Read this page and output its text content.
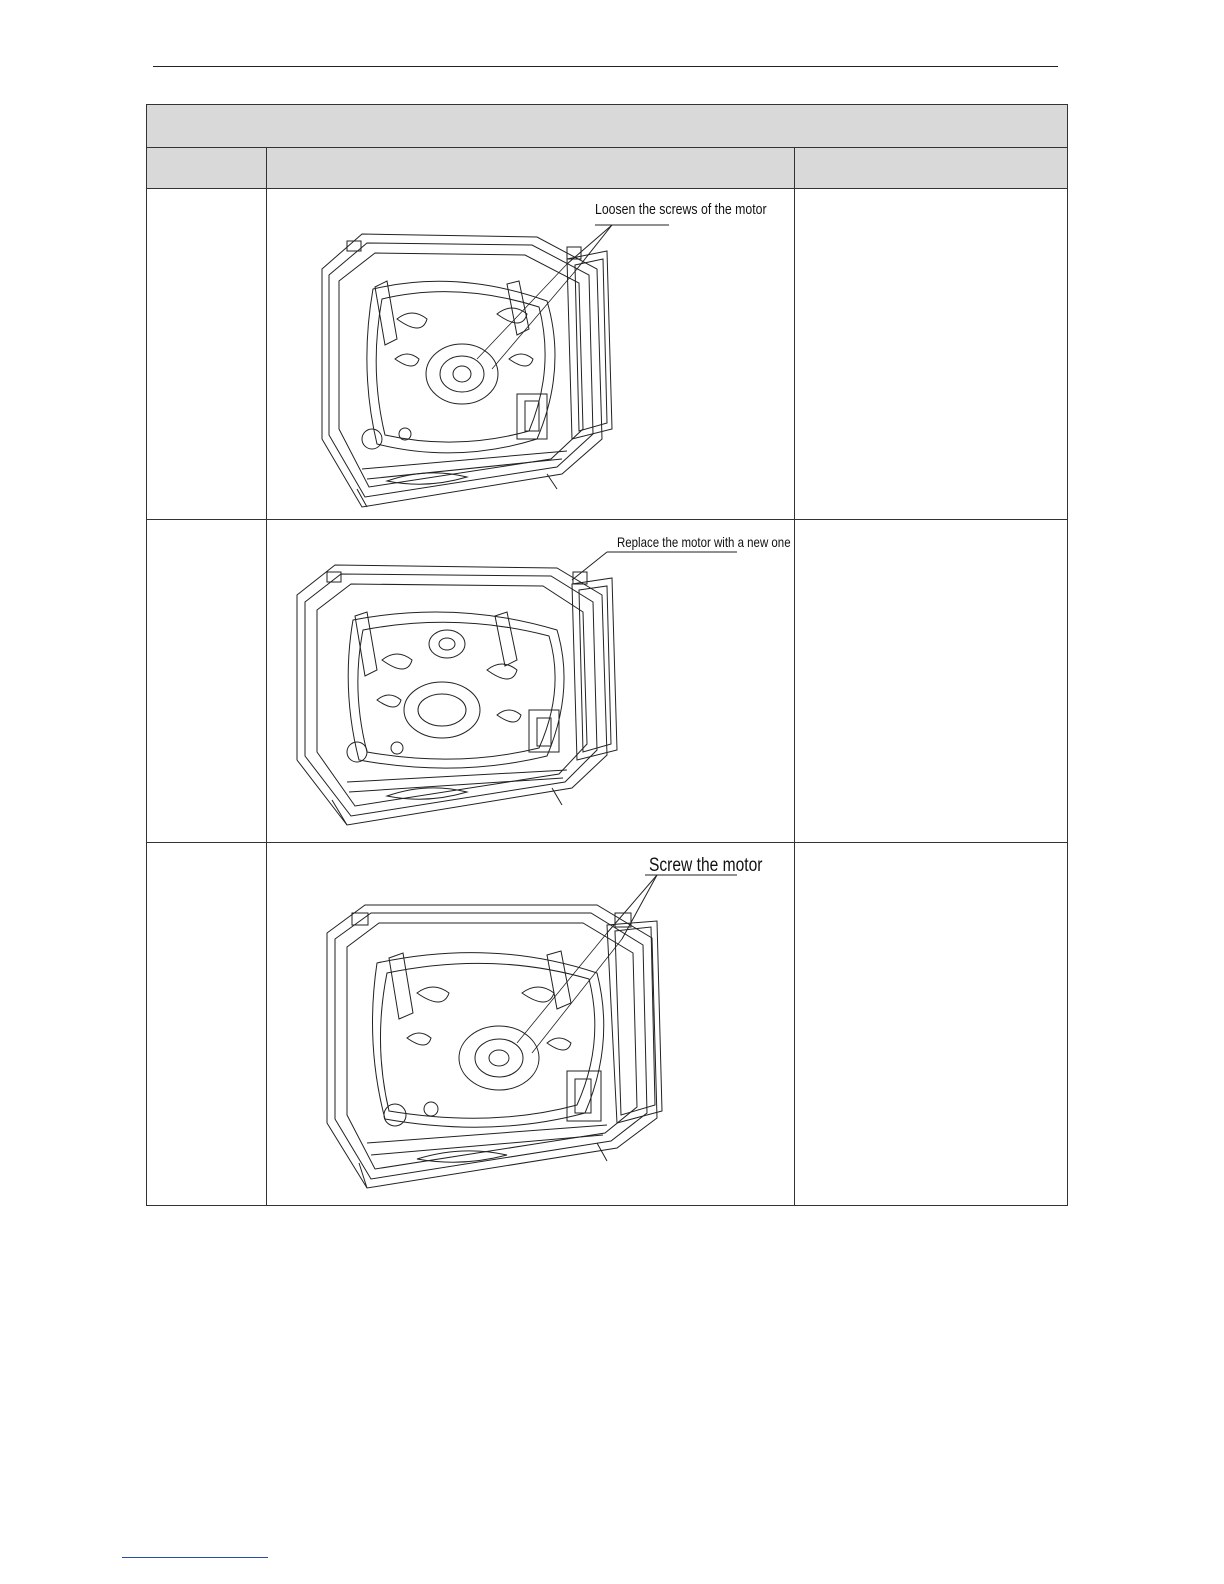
	Loosen the screws of the motor	

	Replace the motor with a new one	

	Screw the motor	
